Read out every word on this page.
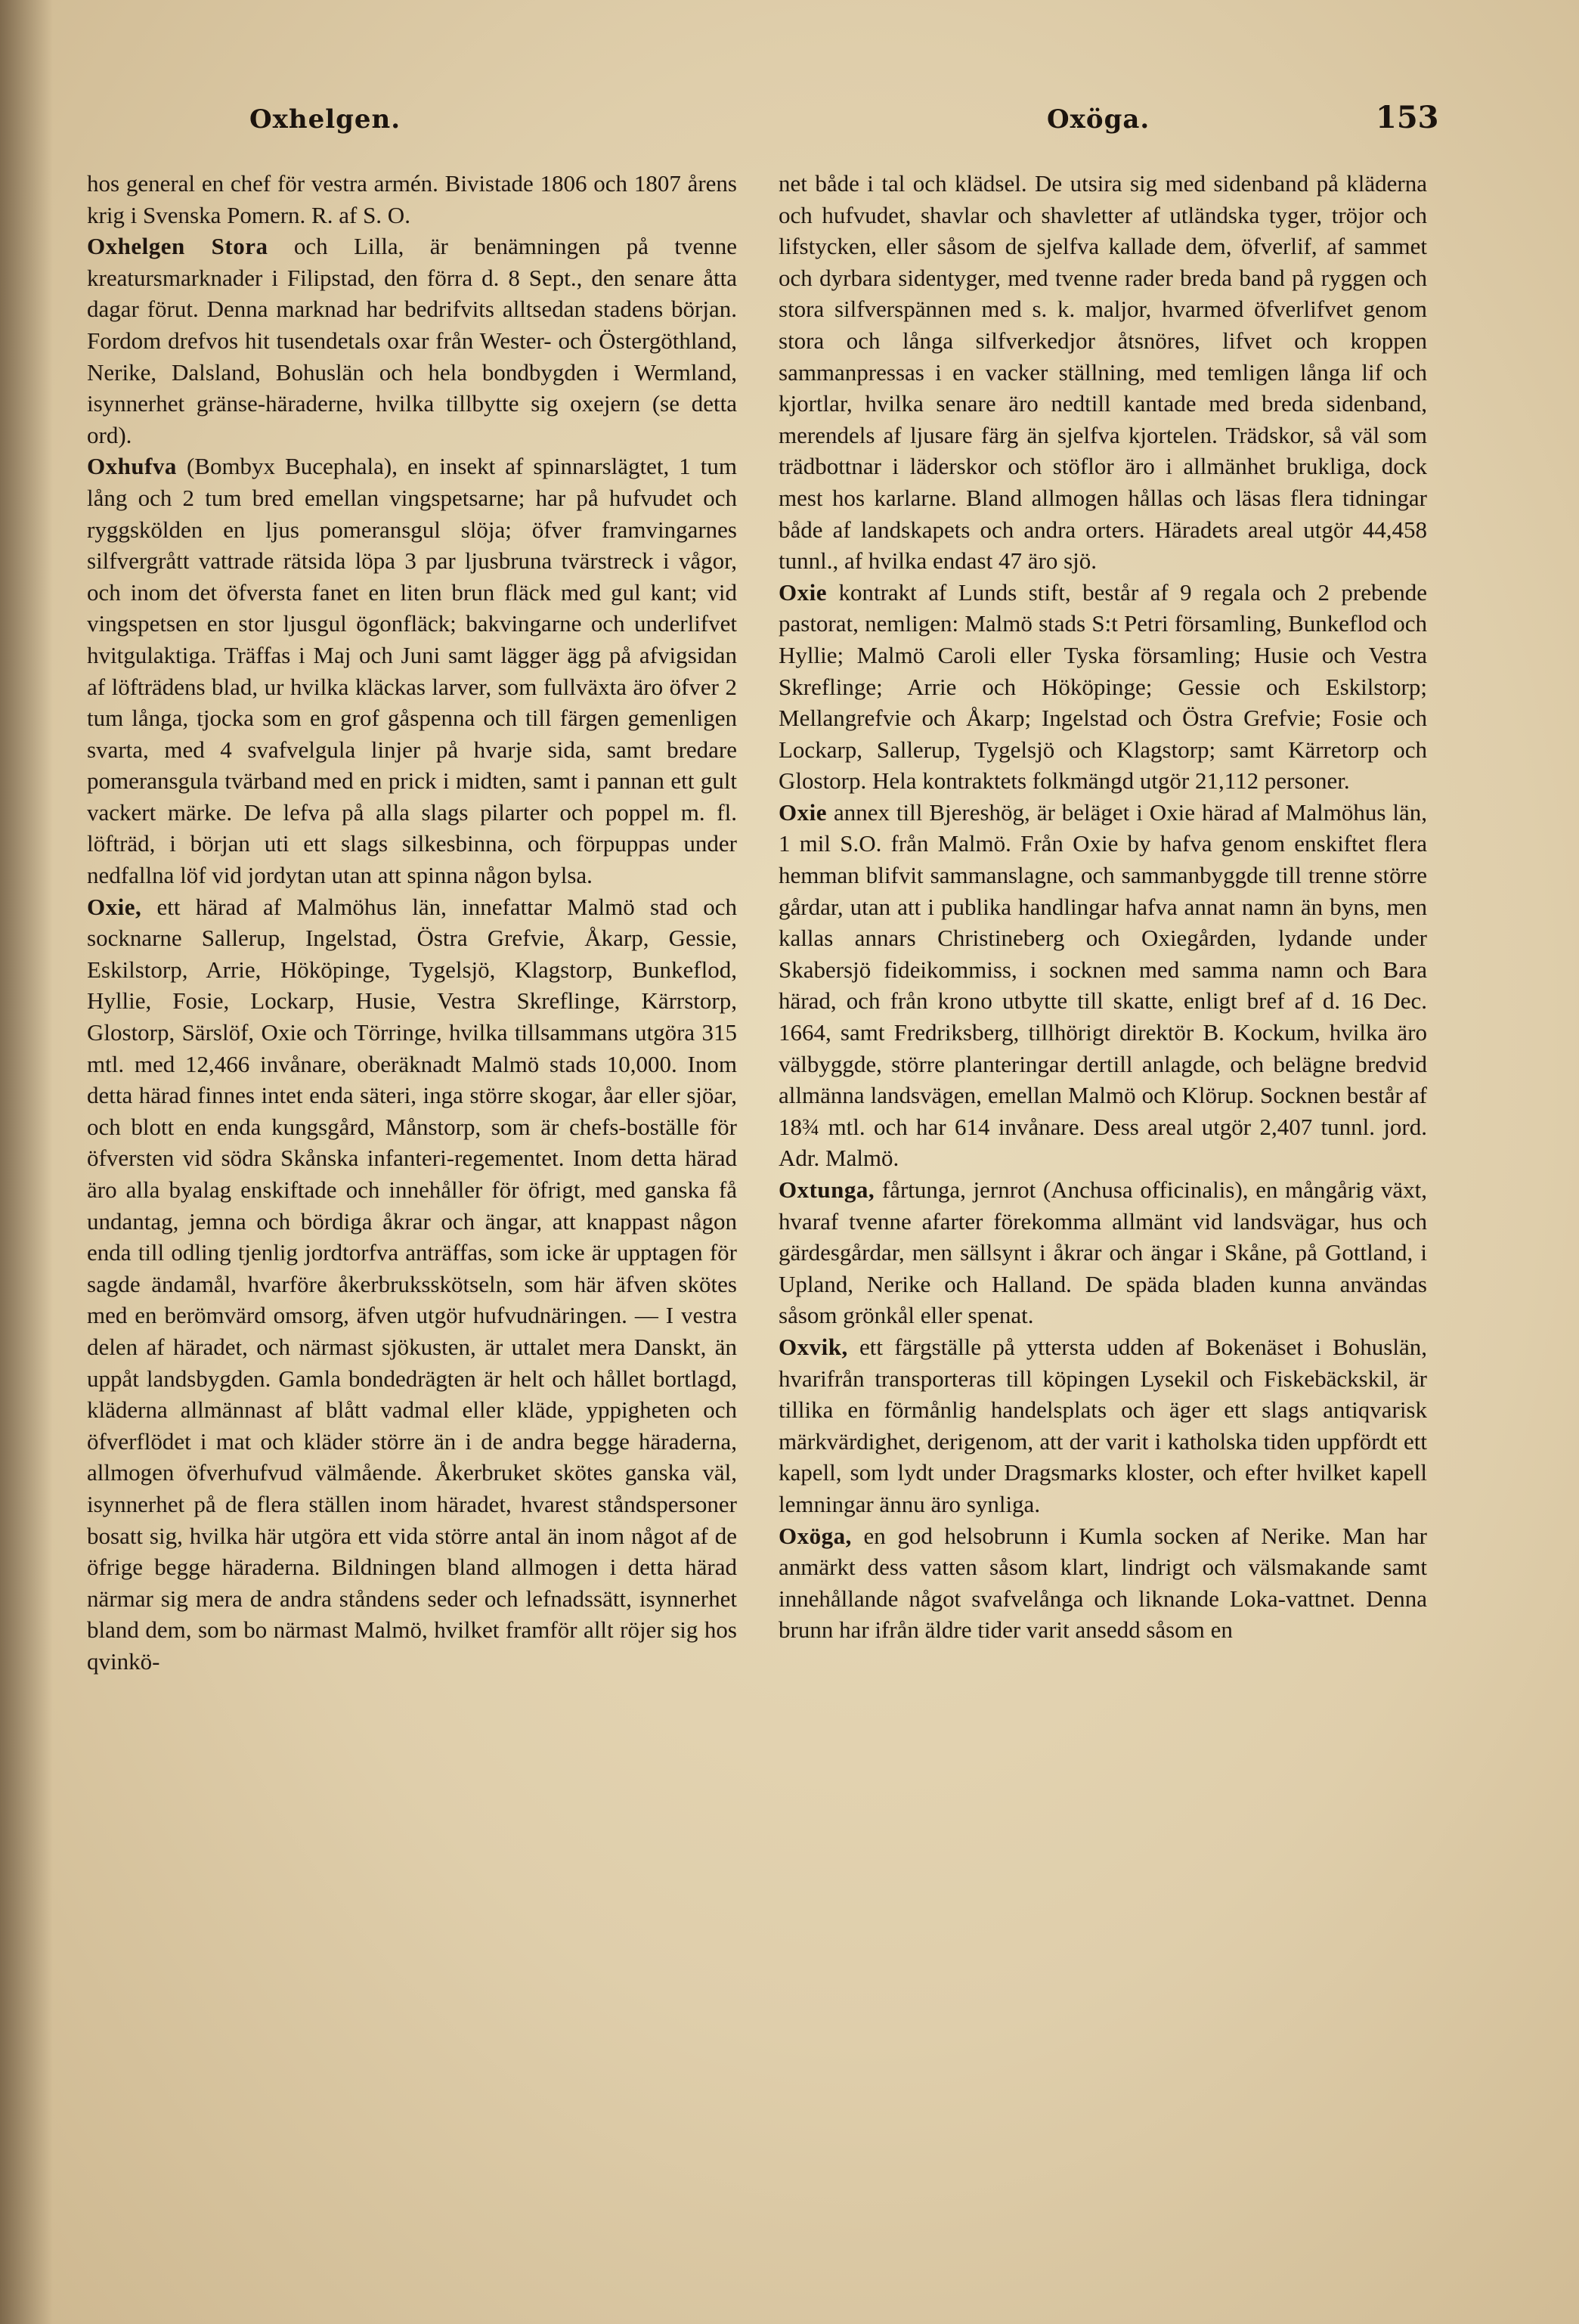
Oxhelgen.	Oxöga.	153

hos general en chef för vestra armén. Bivistade 1806 och 1807 årens krig i Svenska Pomern. R. af S. O.

Oxhelgen Stora och Lilla, är benämningen på tvenne kreatursmarknader i Filipstad, den förra d. 8 Sept., den senare åtta dagar förut. Denna marknad har bedrifvits alltsedan stadens början. Fordom drefvos hit tusendetals oxar från Wester- och Östergöthland, Nerike, Dalsland, Bohuslän och hela bondbygden i Wermland, isynnerhet gränse-häraderne, hvilka tillbytte sig oxejern (se detta ord).

Oxhufva (Bombyx Bucephala), en insekt af spinnarslägtet, 1 tum lång och 2 tum bred emellan vingspetsarne; har på hufvudet och ryggskölden en ljus pomeransgul slöja; öfver framvingarnes silfvergrått vattrade rätsida löpa 3 par ljusbruna tvärstreck i vågor, och inom det öfversta fanet en liten brun fläck med gul kant; vid vingspetsen en stor ljusgul ögonfläck; bakvingarne och underlifvet hvitgulaktiga. Träffas i Maj och Juni samt lägger ägg på afvigsidan af löfträdens blad, ur hvilka kläckas larver, som fullväxta äro öfver 2 tum långa, tjocka som en grof gåspenna och till färgen gemenligen svarta, med 4 svafvelgula linjer på hvarje sida, samt bredare pomeransgula tvärband med en prick i midten, samt i pannan ett gult vackert märke. De lefva på alla slags pilarter och poppel m. fl. löfträd, i början uti ett slags silkesbinna, och förpuppas under nedfallna löf vid jordytan utan att spinna någon bylsa.

Oxie, ett härad af Malmöhus län, innefattar Malmö stad och socknarne Sallerup, Ingelstad, Östra Grefvie, Åkarp, Gessie, Eskilstorp, Arrie, Hököpinge, Tygelsjö, Klagstorp, Bunkeflod, Hyllie, Fosie, Lockarp, Husie, Vestra Skreflinge, Kärrstorp, Glostorp, Särslöf, Oxie och Törringe, hvilka tillsammans utgöra 315 mtl. med 12,466 invånare, oberäknadt Malmö stads 10,000. Inom detta härad finnes intet enda säteri, inga större skogar, åar eller sjöar, och blott en enda kungsgård, Månstorp, som är chefs-boställe för öfversten vid södra Skånska infanteri-regementet. Inom detta härad äro alla byalag enskiftade och innehåller för öfrigt, med ganska få undantag, jemna och bördiga åkrar och ängar, att knappast någon enda till odling tjenlig jordtorfva anträffas, som icke är upptagen för sagde ändamål, hvarföre åkerbruksskötseln, som här äfven skötes med en berömvärd omsorg, äfven utgör hufvudnäringen. — I vestra delen af häradet, och närmast sjökusten, är uttalet mera Danskt, än uppåt landsbygden. Gamla bondedrägten är helt och hållet bortlagd, kläderna allmännast af blått vadmal eller kläde, yppigheten och öfverflödet i mat och kläder större än i de andra begge häraderna, allmogen öfverhufvud välmående. Åkerbruket skötes ganska väl, isynnerhet på de flera ställen inom häradet, hvarest ståndspersoner bosatt sig, hvilka här utgöra ett vida större antal än inom något af de öfrige begge häraderna. Bildningen bland allmogen i detta härad närmar sig mera de andra ståndens seder och lefnadssätt, isynnerhet bland dem, som bo närmast Malmö, hvilket framför allt röjer sig hos qvinkö-

net både i tal och klädsel. De utsira sig med sidenband på kläderna och hufvudet, shavlar och shavletter af utländska tyger, tröjor och lifstycken, eller såsom de sjelfva kallade dem, öfverlif, af sammet och dyrbara sidentyger, med tvenne rader breda band på ryggen och stora silfverspännen med s. k. maljor, hvarmed öfverlifvet genom stora och långa silfverkedjor åtsnöres, lifvet och kroppen sammanpressas i en vacker ställning, med temligen långa lif och kjortlar, hvilka senare äro nedtill kantade med breda sidenband, merendels af ljusare färg än sjelfva kjortelen. Trädskor, så väl som trädbottnar i läderskor och stöflor äro i allmänhet brukliga, dock mest hos karlarne. Bland allmogen hållas och läsas flera tidningar både af landskapets och andra orters. Häradets areal utgör 44,458 tunnl., af hvilka endast 47 äro sjö.

Oxie kontrakt af Lunds stift, består af 9 regala och 2 prebende pastorat, nemligen: Malmö stads S:t Petri församling, Bunkeflod och Hyllie; Malmö Caroli eller Tyska församling; Husie och Vestra Skreflinge; Arrie och Hököpinge; Gessie och Eskilstorp; Mellangrefvie och Åkarp; Ingelstad och Östra Grefvie; Fosie och Lockarp, Sallerup, Tygelsjö och Klagstorp; samt Kärretorp och Glostorp. Hela kontraktets folkmängd utgör 21,112 personer.

Oxie annex till Bjereshög, är beläget i Oxie härad af Malmöhus län, 1 mil S.O. från Malmö. Från Oxie by hafva genom enskiftet flera hemman blifvit sammanslagne, och sammanbyggde till trenne större gårdar, utan att i publika handlingar hafva annat namn än byns, men kallas annars Christineberg och Oxiegården, lydande under Skabersjö fideikommiss, i socknen med samma namn och Bara härad, och från krono utbytte till skatte, enligt bref af d. 16 Dec. 1664, samt Fredriksberg, tillhörigt direktör B. Kockum, hvilka äro välbyggde, större planteringar dertill anlagde, och belägne bredvid allmänna landsvägen, emellan Malmö och Klörup. Socknen består af 18¾ mtl. och har 614 invånare. Dess areal utgör 2,407 tunnl. jord. Adr. Malmö.

Oxtunga, fårtunga, jernrot (Anchusa officinalis), en mångårig växt, hvaraf tvenne afarter förekomma allmänt vid landsvägar, hus och gärdesgårdar, men sällsynt i åkrar och ängar i Skåne, på Gottland, i Upland, Nerike och Halland. De späda bladen kunna användas såsom grönkål eller spenat.

Oxvik, ett färgställe på yttersta udden af Bokenäset i Bohuslän, hvarifrån transporteras till köpingen Lysekil och Fiskebäckskil, är tillika en förmånlig handelsplats och äger ett slags antiqvarisk märkvärdighet, derigenom, att der varit i katholska tiden uppfördt ett kapell, som lydt under Dragsmarks kloster, och efter hvilket kapell lemningar ännu äro synliga.

Oxöga, en god helsobrunn i Kumla socken af Nerike. Man har anmärkt dess vatten såsom klart, lindrigt och välsmakande samt innehållande något svafvelånga och liknande Loka-vattnet. Denna brunn har ifrån äldre tider varit ansedd såsom en
